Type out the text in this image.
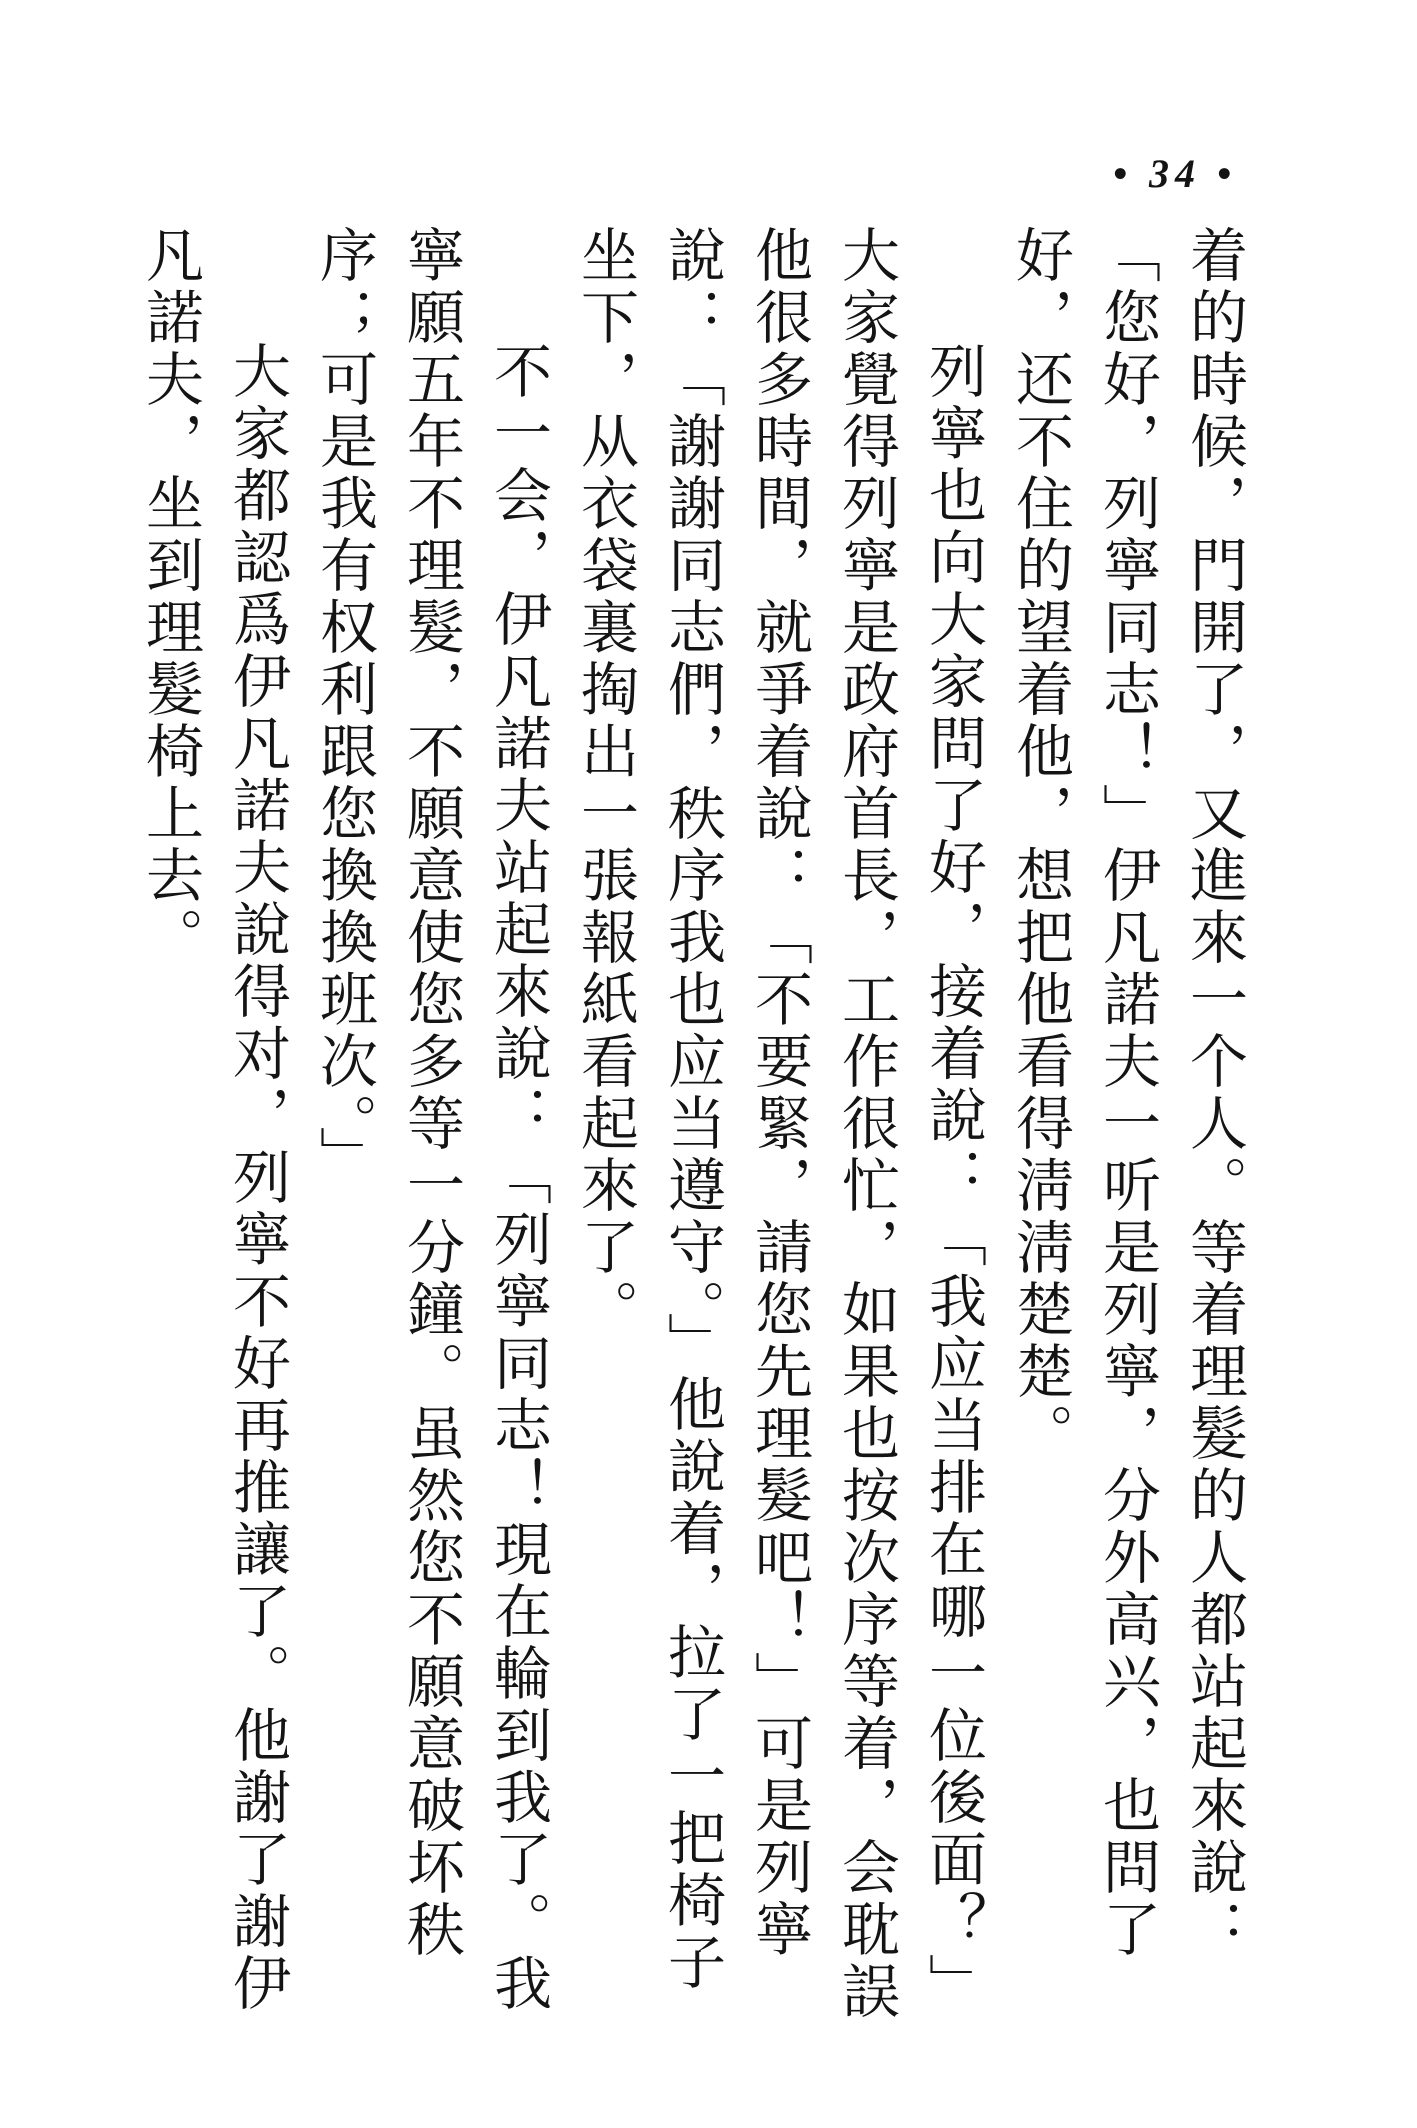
• 34 •

着的時候，門開了，又進來一个人。等着理髮的人都站起來說：「您好，列寧同志！」伊凡諾夫一听是列寧，分外高兴，也問了好，还不住的望着他，想把他看得淸淸楚楚。

列寧也向大家問了好，接着說：「我应当排在哪一位後面？」大家覺得列寧是政府首長，工作很忙，如果也按次序等着，会耽誤他很多時間，就爭着說：「不要緊，請您先理髮吧！」可是列寧說：「謝謝同志們，秩序我也应当遵守。」他說着，拉了一把椅子坐下，从衣袋裏掏出一張報紙看起來了。

不一会，伊凡諾夫站起來說：「列寧同志！現在輪到我了。我寧願五年不理髮，不願意使您多等一分鐘。虽然您不願意破坏秩序；可是我有权利跟您換換班次。」

大家都認爲伊凡諾夫說得对，列寧不好再推讓了。他謝了謝伊凡諾夫，坐到理髮椅上去。
